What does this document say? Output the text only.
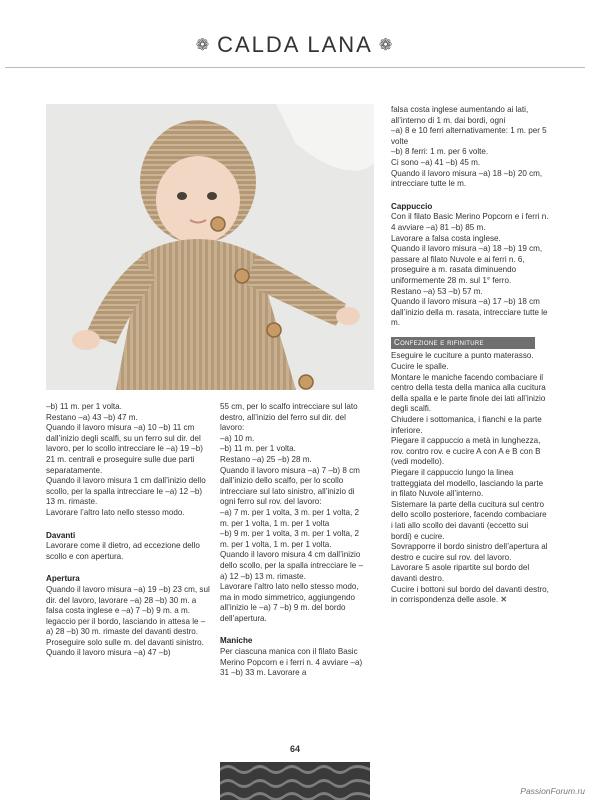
❁ CALDA LANA ❁

–b) 11 m. per 1 volta.

Restano –a) 43 –b) 47 m.

Quando il lavoro misura –a) 10 –b) 11 cm dall’inizio degli scalfi, su un ferro sul dir. del lavoro, per lo scollo intrecciare le –a) 19 –b) 21 m. centrali e proseguire sulle due parti separatamente.

Quando il lavoro misura 1 cm dall’inizio dello scollo, per la spalla intrecciare le –a) 12 –b) 13 m. rimaste.

Lavorare l’altro lato nello stesso modo.

Davanti

Lavorare come il dietro, ad eccezione dello scollo e con apertura.

Apertura

Quando il lavoro misura –a) 19 –b) 23 cm, sul dir. del lavoro, lavorare –a) 28 –b) 30 m. a falsa costa inglese e –a) 7 –b) 9 m. a m. legaccio per il bordo, lasciando in attesa le –a) 28 –b) 30 m. rimaste del davanti destro. Proseguire solo sulle m. del davanti sinistro.

Quando il lavoro misura –a) 47 –b)

55 cm, per lo scalfo intrecciare sul lato destro, all’inizio del ferro sul dir. del lavoro:

–a) 10 m.

–b) 11 m. per 1 volta.

Restano –a) 25 –b) 28 m.

Quando il lavoro misura –a) 7 –b) 8 cm dall’inizio dello scalfo, per lo scollo intrecciare sul lato sinistro, all’inizio di ogni ferro sul rov. del lavoro:

–a) 7 m. per 1 volta, 3 m. per 1 volta, 2 m. per 1 volta, 1 m. per 1 volta

–b) 9 m. per 1 volta, 3 m. per 1 volta, 2 m. per 1 volta, 1 m. per 1 volta.

Quando il lavoro misura 4 cm dall’inizio dello scollo, per la spalla intrecciare le –a) 12 –b) 13 m. rimaste.

Lavorare l’altro lato nello stesso modo, ma in modo simmetrico, aggiungendo all’inizio le –a) 7 –b) 9 m. del bordo dell’apertura.

Maniche

Per ciascuna manica con il filato Basic Merino Popcorn e i ferri n. 4 avviare –a) 31 –b) 33 m. Lavorare a

falsa costa inglese aumentando ai lati, all’interno di 1 m. dai bordi, ogni

–a) 8 e 10 ferri alternativamente: 1 m. per 5 volte

–b) 8 ferri: 1 m. per 6 volte.

Ci sono –a) 41 –b) 45 m.

Quando il lavoro misura –a) 18 –b) 20 cm, intrecciare tutte le m.

Cappuccio

Con il filato Basic Merino Popcorn e i ferri n. 4 avviare –a) 81 –b) 85 m.

Lavorare a falsa costa inglese.

Quando il lavoro misura –a) 18 –b) 19 cm, passare al filato Nuvole e ai ferri n. 6, proseguire a m. rasata diminuendo uniformemente 28 m. sul 1° ferro.

Restano –a) 53 –b) 57 m.

Quando il lavoro misura –a) 17 –b) 18 cm dall’inizio della m. rasata, intrecciare tutte le m.

Confezione e rifiniture

Eseguire le cuciture a punto materasso.

Cucire le spalle.

Montare le maniche facendo combaciare il centro della testa della manica alla cucitura della spalla e le parte finole dei lati all’inizio degli scalfi.

Chiudere i sottomanica, i fianchi e la parte inferiore.

Piegare il cappuccio a metà in lunghezza, rov. contro rov. e cucire A con A e B con B (vedi modello).

Piegare il cappuccio lungo la linea tratteggiata del modello, lasciando la parte in filato Nuvole all’interno.

Sistemare la parte della cucitura sul centro dello scollo posteriore, facendo combaciare i lati allo scollo dei davanti (eccetto sui bordi) e cucire.

Sovrapporre il bordo sinistro dell’apertura al destro e cucire sul rov. del lavoro.

Lavorare 5 asole ripartite sul bordo del davanti destro.

Cucire i bottoni sul bordo del davanti destro, in corrispondenza delle asole. ✕

64
PassionForum.ru
